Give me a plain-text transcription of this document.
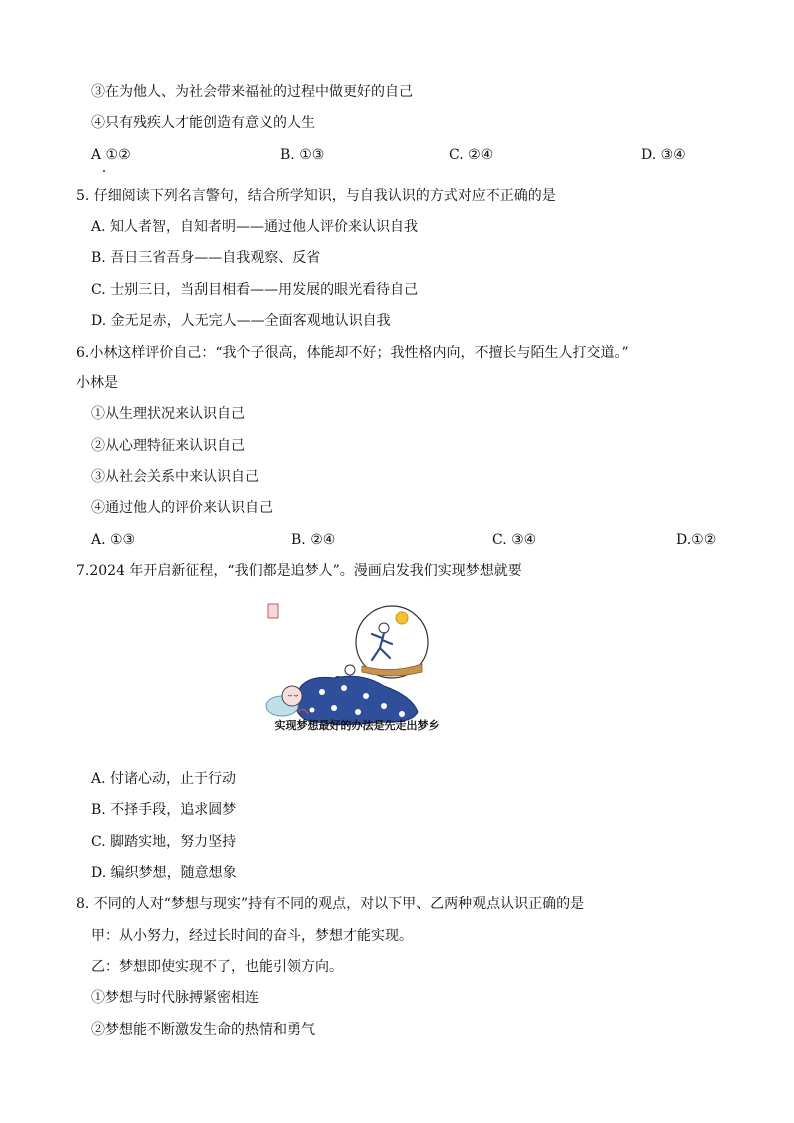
③在为他人、为社会带来福祉的过程中做更好的自己
④只有残疾人才能创造有意义的人生
A ①②	B. ①③	C. ②④	D. ③④
5. 仔细阅读下列名言警句，结合所学知识，与自我认识的方式对应不正确的是
A. 知人者智，自知者明——通过他人评价来认识自我
B. 吾日三省吾身——自我观察、反省
C. 士别三日，当刮目相看——用发展的眼光看待自己
D. 金无足赤，人无完人——全面客观地认识自我
6.小林这样评价自己：“我个子很高，体能却不好；我性格内向，不擅长与陌生人打交道。”
小林是
①从生理状况来认识自己
②从心理特征来认识自己
③从社会关系中来认识自己
④通过他人的评价来认识自己
A. ①③	B. ②④	C. ③④	D.①②
7.2024 年开启新征程，“我们都是追梦人”。漫画启发我们实现梦想就要
实现梦想最好的办法是先走出梦乡
A. 付诸心动，止于行动
B. 不择手段，追求圆梦
C. 脚踏实地，努力坚持
D. 编织梦想，随意想象
8. 不同的人对“梦想与现实”持有不同的观点，对以下甲、乙两种观点认识正确的是
甲：从小努力，经过长时间的奋斗，梦想才能实现。
乙：梦想即使实现不了，也能引领方向。
①梦想与时代脉搏紧密相连
②梦想能不断激发生命的热情和勇气
